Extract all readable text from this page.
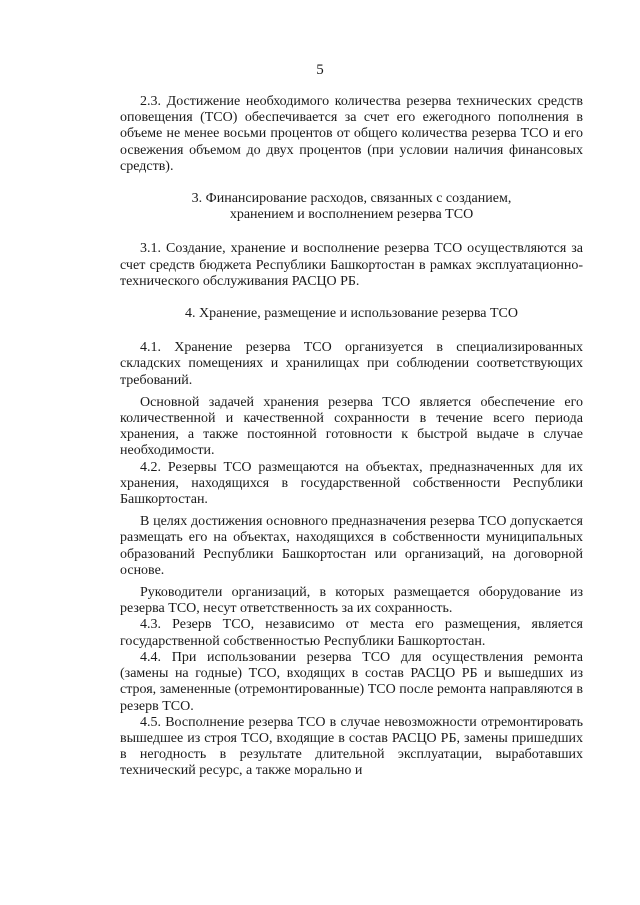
5

2.3. Достижение необходимого количества резерва технических средств оповещения (ТСО) обеспечивается за счет его ежегодного пополнения в объеме не менее восьми процентов от общего количества резерва ТСО и его освежения объемом до двух процентов (при условии наличия финансовых средств).

3. Финансирование расходов, связанных с созданием,
хранением и восполнением резерва ТСО

3.1. Создание, хранение и восполнение резерва ТСО осуществляются за счет средств бюджета Республики Башкортостан в рамках эксплуатационно-технического обслуживания РАСЦО РБ.

4. Хранение, размещение и использование резерва ТСО

4.1. Хранение резерва ТСО организуется в специализированных складских помещениях и хранилищах при соблюдении соответствующих требований.

Основной задачей хранения резерва ТСО является обеспечение его количественной и качественной сохранности в течение всего периода хранения, а также постоянной готовности к быстрой выдаче в случае необходимости.

4.2. Резервы ТСО размещаются на объектах, предназначенных для их хранения, находящихся в государственной собственности Республики Башкортостан.

В целях достижения основного предназначения резерва ТСО допускается размещать его на объектах, находящихся в собственности муниципальных образований Республики Башкортостан или организаций, на договорной основе.

Руководители организаций, в которых размещается оборудование из резерва ТСО, несут ответственность за их сохранность.

4.3. Резерв ТСО, независимо от места его размещения, является государственной собственностью Республики Башкортостан.

4.4. При использовании резерва ТСО для осуществления ремонта (замены на годные) ТСО, входящих в состав РАСЦО РБ и вышедших из строя, замененные (отремонтированные) ТСО после ремонта направляются в резерв ТСО.

4.5. Восполнение резерва ТСО в случае невозможности отремонтировать вышедшее из строя ТСО, входящие в состав РАСЦО РБ, замены пришедших в негодность в результате длительной эксплуатации, выработавших технический ресурс, а также морально и
